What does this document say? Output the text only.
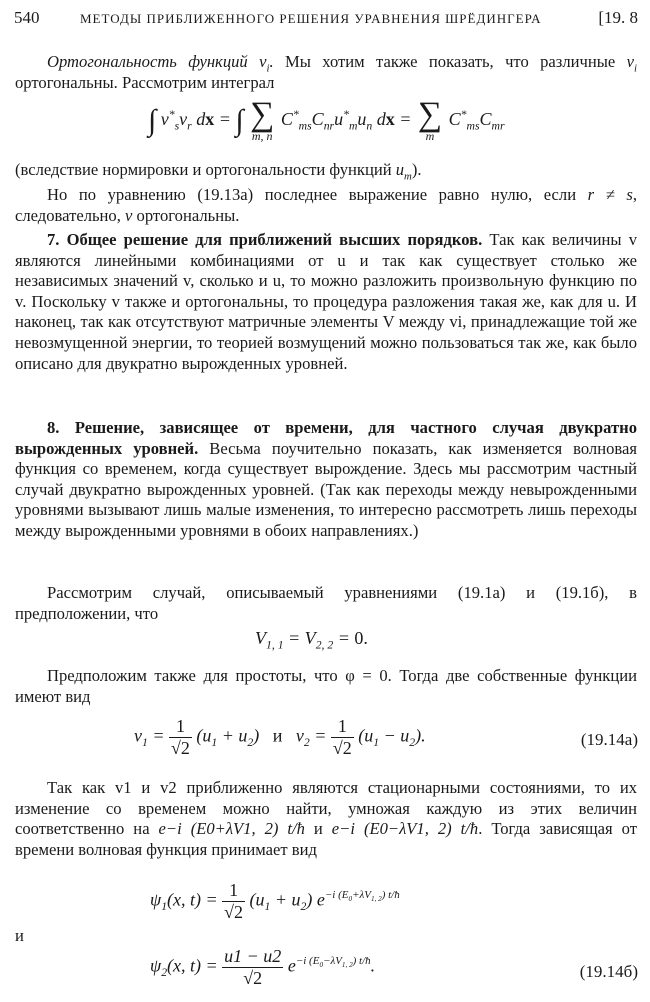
540	МЕТОДЫ ПРИБЛИЖЕННОГО РЕШЕНИЯ УРАВНЕНИЯ ШРЁДИНГЕРА	[19. 8
Ортогональность функций $v_i$. Мы хотим также показать, что различные $v_i$ ортогональны. Рассмотрим интеграл
∫ $v^*_sv_r$ dx = ∫ ∑
m, n
$C^*_{ms}C_{nr}u^*_mu_n$ dx = ∑
m
$C^*_{ms}C_{mr}$
(вследствие нормировки и ортогональности функций $u_m$).
Но по уравнению (19.13а) последнее выражение равно нулю, если r ≠ s, следовательно, v ортогональны.
7. Общее решение для приближений высших порядков. Так как величины v являются линейными комбинациями от u и так как существует столько же независимых значений v, сколько и u, то можно разложить произвольную функцию по v. Поскольку v также и ортогональны, то процедура разложения такая же, как для u. И наконец, так как отсутствуют матричные элементы V между vi, принадлежащие той же невозмущенной энергии, то теорией возмущений можно пользоваться так же, как было описано для двукратно вырожденных уровней.
8. Решение, зависящее от времени, для частного случая двукратно вырожденных уровней. Весьма поучительно показать, как изменяется волновая функция со временем, когда существует вырождение. Здесь мы рассмотрим частный случай двукратно вырожденных уровней. (Так как переходы между невырожденными уровнями вызывают лишь малые изменения, то интересно рассмотреть лишь переходы между вырожденными уровнями в обоих направлениях.)
Рассмотрим случай, описываемый уравнениями (19.1а) и (19.1б), в предположении, что
$V_{1, 1} = V_{2, 2} = 0$.
Предположим также для простоты, что φ = 0. Тогда две собственные функции имеют вид
$v_1 = \frac{1}{√2} (u_1 + u_2)$   и   $v_2 = \frac{1}{√2} (u_1 - u_2)$.	(19.14а)
Так как v1 и v2 приближенно являются стационарными состояниями, то их изменение со временем можно найти, умножая каждую из этих величин соответственно на e−i (E0+λV1, 2) t/ħ и e−i (E0−λV1, 2) t/ħ. Тогда зависящая от времени волновая функция принимает вид
$\psi_1(x$, $t) = \frac{1}{√2} (u_1 + u_2)$ $e^{-i (E_0+\lambda V_{1, 2}) t/ħ}$
и
$\psi_2(x$, $t) = \frac{u1 - u2}{√2} e^{-i (E_0-\lambda V_{1, 2}) t/ħ}$.	(19.14б)
